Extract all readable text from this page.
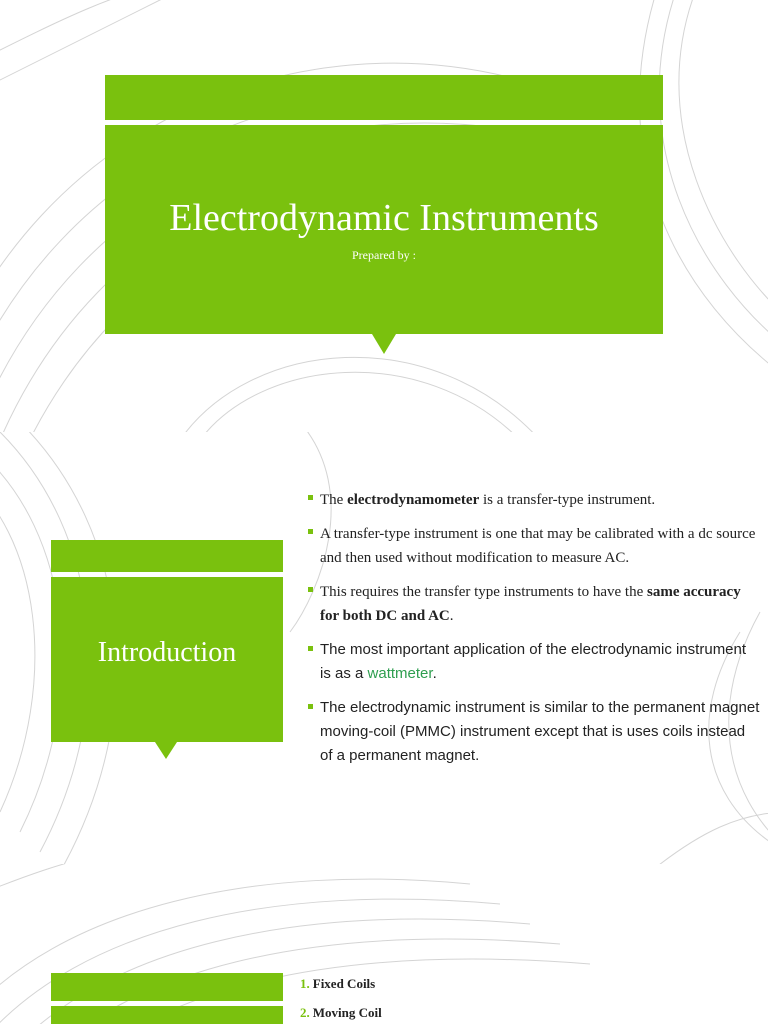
Electrodynamic Instruments
Prepared by :
Introduction
The electrodynamometer is a transfer-type instrument.
A transfer-type instrument is one that may be calibrated with a dc source and then used without modification to measure AC.
This requires the transfer type instruments to have the same accuracy for both DC and AC.
The most important application of the electrodynamic instrument is as a wattmeter.
The electrodynamic instrument is similar to the permanent magnet moving-coil (PMMC) instrument except that is uses coils instead of a permanent magnet.
1. Fixed Coils
2. Moving Coil
